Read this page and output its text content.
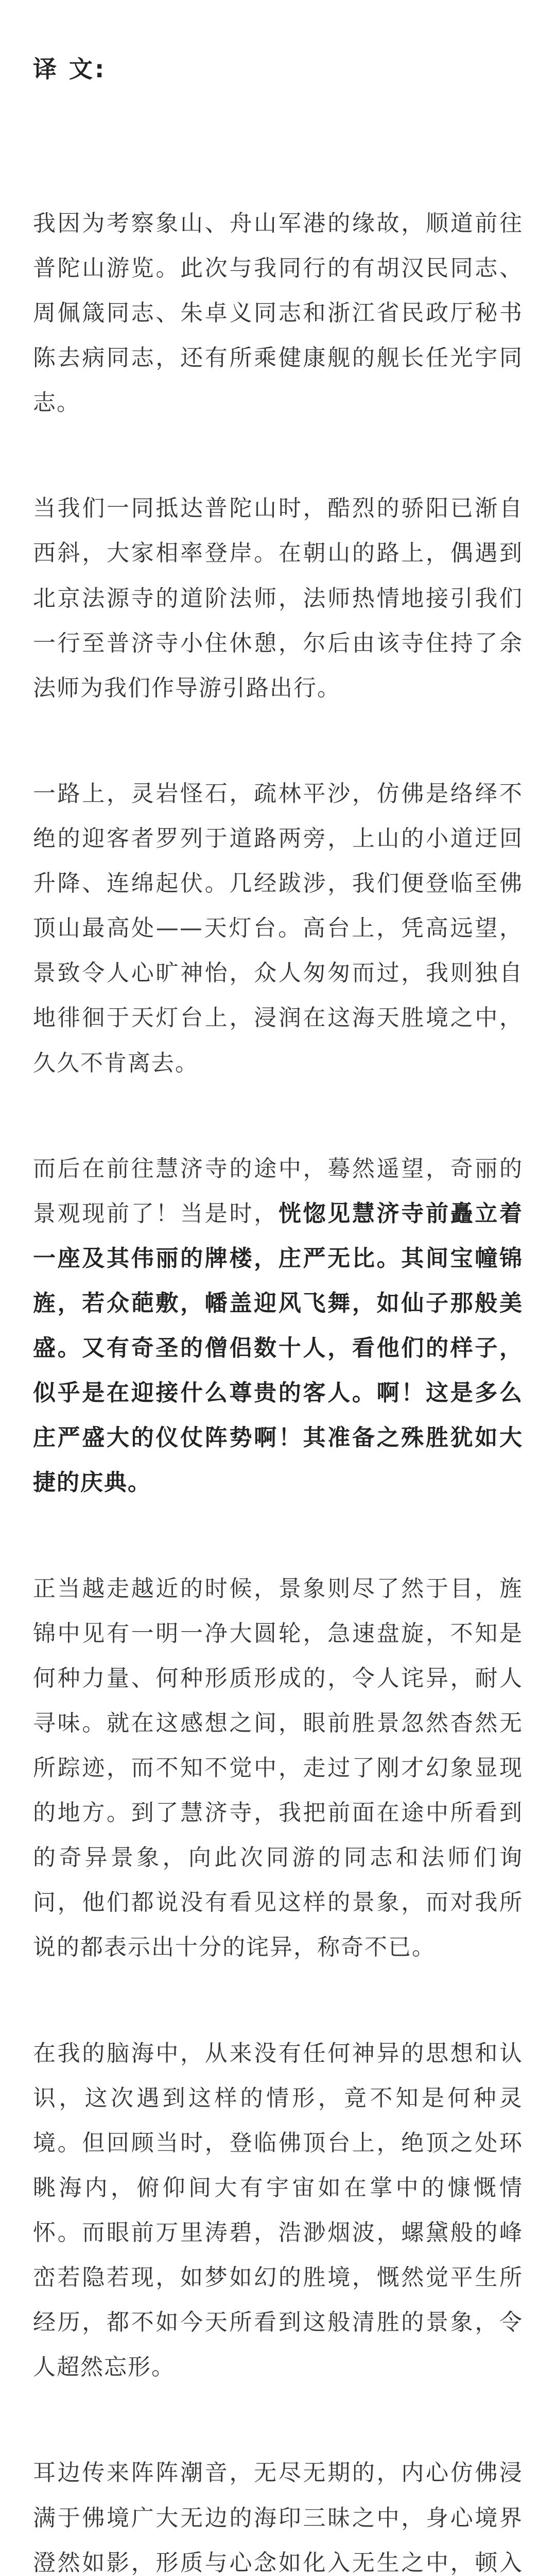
译 文:

我因为考察象山、舟山军港的缘故，顺道前往普陀山游览。此次与我同行的有胡汉民同志、周佩箴同志、朱卓义同志和浙江省民政厅秘书陈去病同志，还有所乘健康舰的舰长任光宇同志。

当我们一同抵达普陀山时，酷烈的骄阳已渐自西斜，大家相率登岸。在朝山的路上，偶遇到北京法源寺的道阶法师，法师热情地接引我们一行至普济寺小住休憩，尔后由该寺住持了余法师为我们作导游引路出行。

一路上，灵岩怪石，疏林平沙，仿佛是络绎不绝的迎客者罗列于道路两旁，上山的小道迂回升降、连绵起伏。几经跋涉，我们便登临至佛顶山最高处——天灯台。高台上，凭高远望，景致令人心旷神怡，众人匆匆而过，我则独自地徘徊于天灯台上，浸润在这海天胜境之中，久久不肯离去。

而后在前往慧济寺的途中，蓦然遥望，奇丽的景观现前了！当是时，恍惚见慧济寺前矗立着一座及其伟丽的牌楼，庄严无比。其间宝幢锦旌，若众葩敷，幡盖迎风飞舞，如仙子那般美盛。又有奇圣的僧侣数十人，看他们的样子，似乎是在迎接什么尊贵的客人。啊！这是多么庄严盛大的仪仗阵势啊！其准备之殊胜犹如大捷的庆典。

正当越走越近的时候，景象则尽了然于目，旌锦中见有一明一净大圆轮，急速盘旋，不知是何种力量、何种形质形成的，令人诧异，耐人寻味。就在这感想之间，眼前胜景忽然杳然无所踪迹，而不知不觉中，走过了刚才幻象显现的地方。到了慧济寺，我把前面在途中所看到的奇异景象，向此次同游的同志和法师们询问，他们都说没有看见这样的景象，而对我所说的都表示出十分的诧异，称奇不已。

在我的脑海中，从来没有任何神异的思想和认识，这次遇到这样的情形，竟不知是何种灵境。但回顾当时，登临佛顶台上，绝顶之处环眺海内，俯仰间大有宇宙如在掌中的慷慨情怀。而眼前万里涛碧，浩渺烟波，螺黛般的峰峦若隐若现，如梦如幻的胜境，慨然觉平生所经历，都不如今天所看到这般清胜的景象，令人超然忘形。

耳边传来阵阵潮音，无尽无期的，内心仿佛浸满于佛境广大无边的海印三昧之中，身心境界澄然如影，形质与心念如化入无生之中，顿入
